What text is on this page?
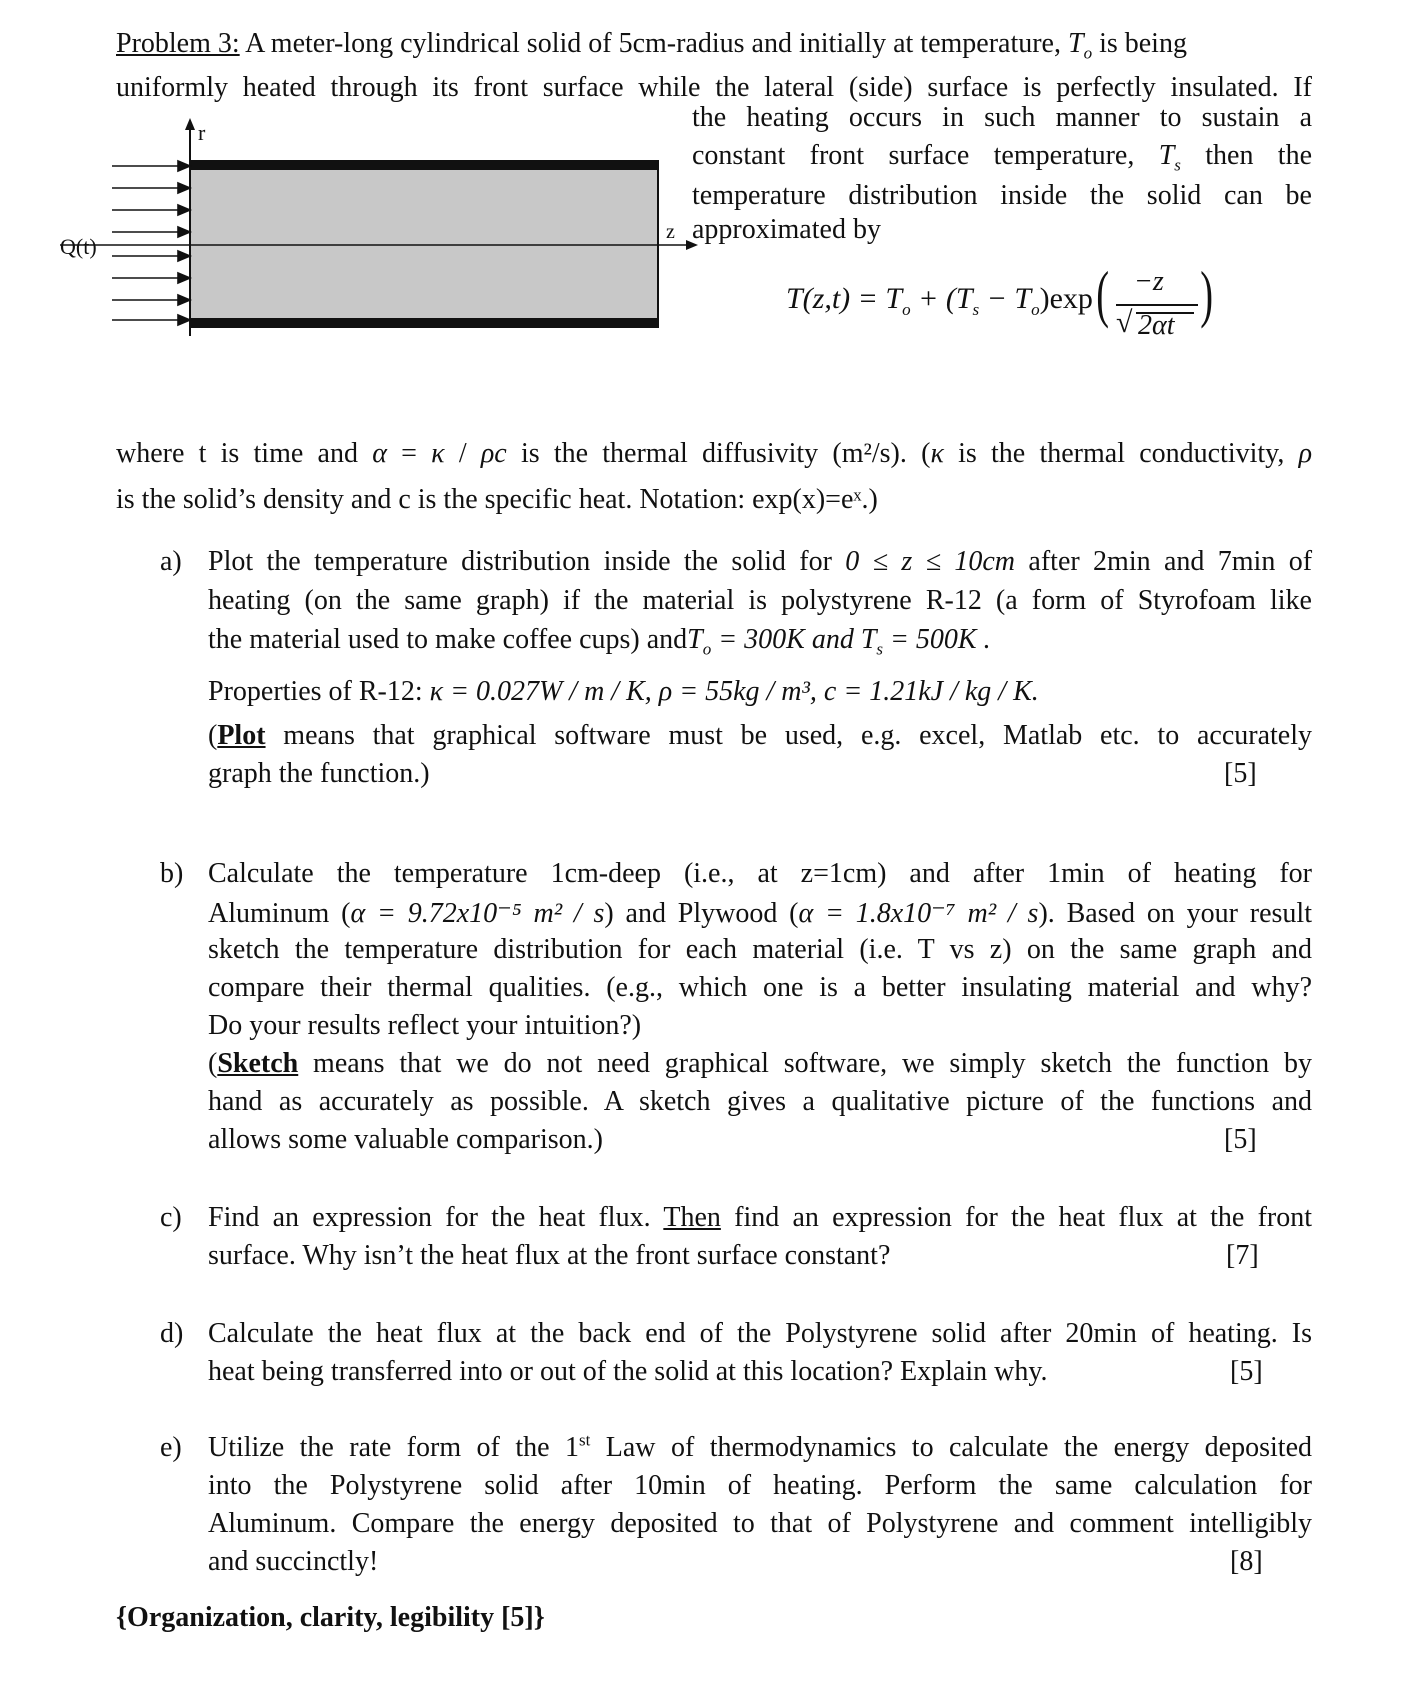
Problem 3: A meter-long cylindrical solid of 5cm-radius and initially at temperature, $T_o$ is being
uniformly heated through its front surface while the lateral (side) surface is perfectly insulated. If
r
z
Q(t)
the heating occurs in such manner to sustain a
constant front surface temperature, $T_s$ then the
temperature distribution inside the solid can be
approximated by
$T(z,t) = T_o + (T_s - T_o)\exp$ ( −z
√ 2αt )
where t is time and α = κ / ρc is the thermal diffusivity (m²/s). (κ is the thermal conductivity, ρ
is the solid’s density and c is the specific heat. Notation: exp(x)=eˣ.)
a) Plot the temperature distribution inside the solid for 0 ≤ z ≤ 10cm after 2min and 7min of
heating (on the same graph) if the material is polystyrene R-12 (a form of Styrofoam like
the material used to make coffee cups) andT$_o$ = 300K and $T_s = 500K$ .
Properties of R-12: κ = 0.027W / m / K, ρ = 55kg / m³, c = 1.21kJ / kg / K.
(Plot means that graphical software must be used, e.g. excel, Matlab etc. to accurately
graph the function.)	[5]
b) Calculate the temperature 1cm-deep (i.e., at z=1cm) and after 1min of heating for
Aluminum (α = 9.72x10⁻⁵ m² / s) and Plywood (α = 1.8x10⁻⁷ m² / s). Based on your result
sketch the temperature distribution for each material (i.e. T vs z) on the same graph and
compare their thermal qualities. (e.g., which one is a better insulating material and why?
Do your results reflect your intuition?)
(Sketch means that we do not need graphical software, we simply sketch the function by
hand as accurately as possible. A sketch gives a qualitative picture of the functions and
allows some valuable comparison.)	[5]
c) Find an expression for the heat flux. Then find an expression for the heat flux at the front
surface. Why isn’t the heat flux at the front surface constant?	[7]
d) Calculate the heat flux at the back end of the Polystyrene solid after 20min of heating. Is
heat being transferred into or out of the solid at this location? Explain why.	[5]
e) Utilize the rate form of the 1st Law of thermodynamics to calculate the energy deposited
into the Polystyrene solid after 10min of heating. Perform the same calculation for
Aluminum. Compare the energy deposited to that of Polystyrene and comment intelligibly
and succinctly!	[8]
{Organization, clarity, legibility [5]}
